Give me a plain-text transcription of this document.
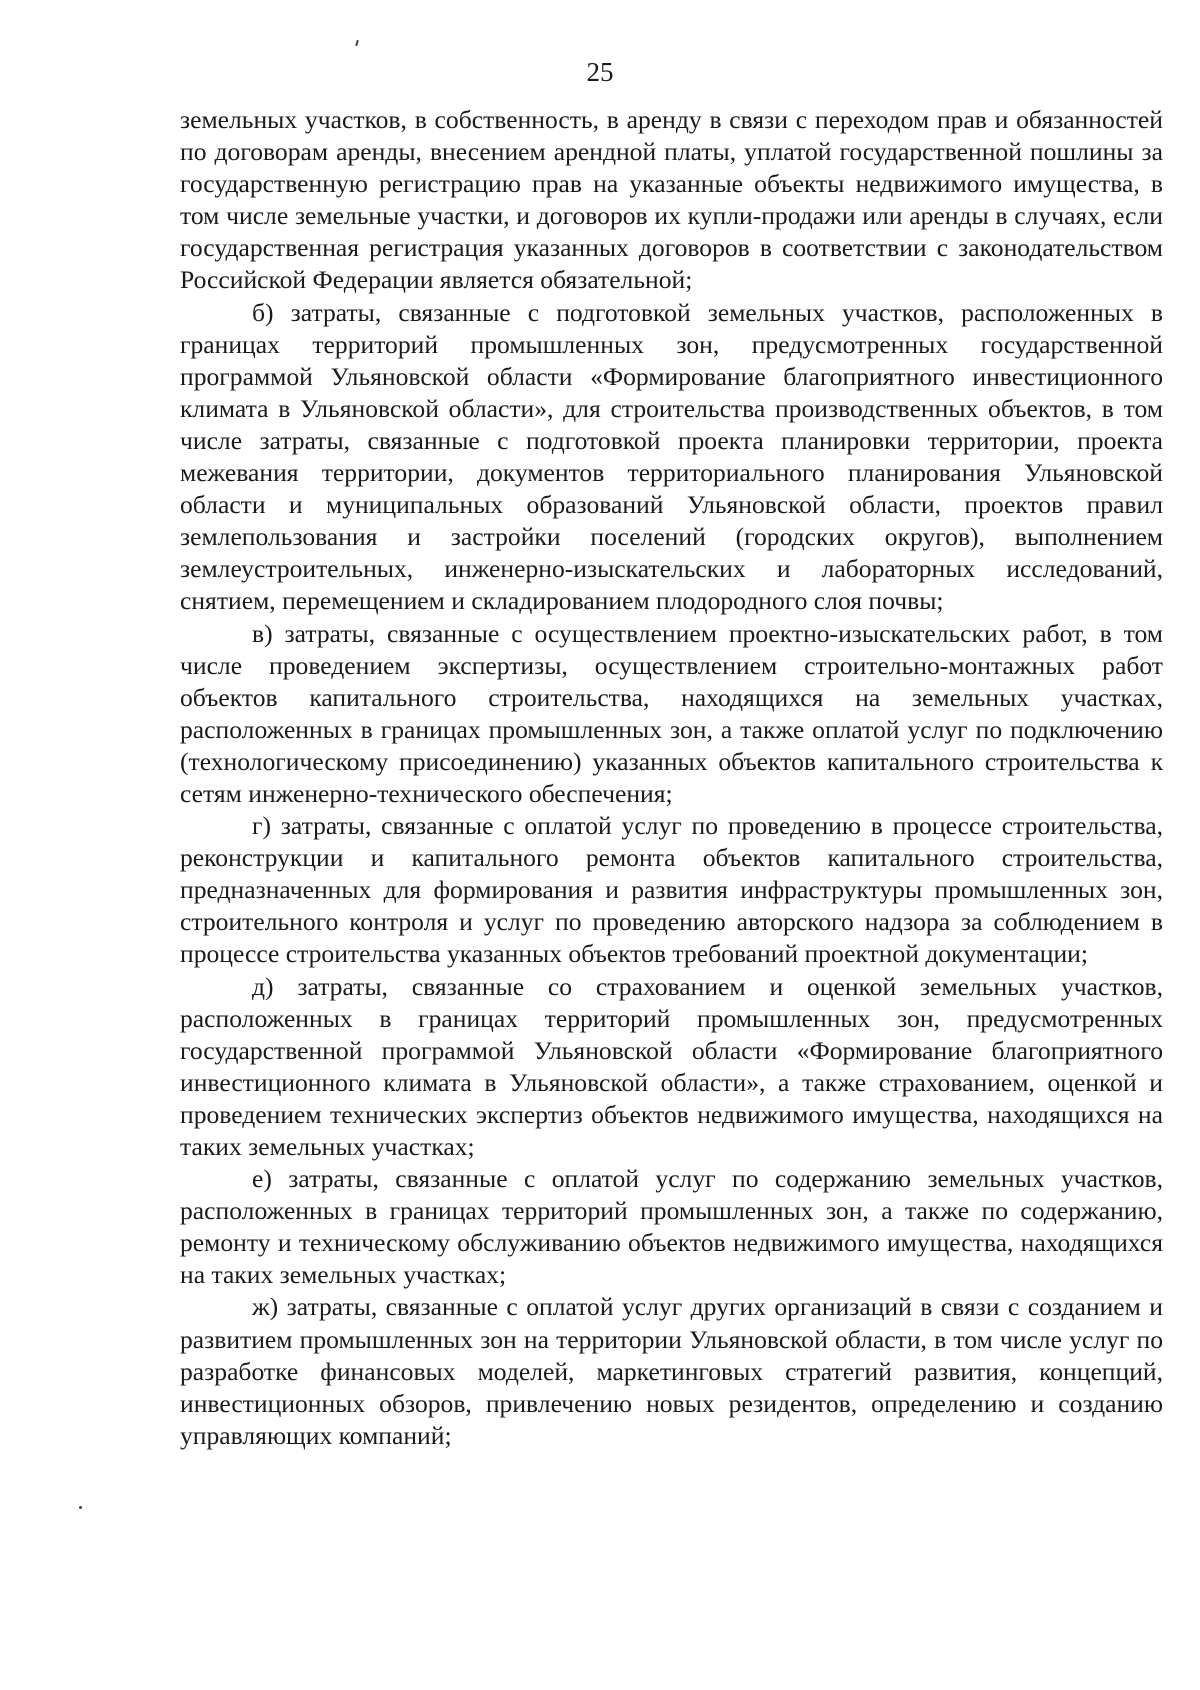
25

земельных участков, в собственность, в аренду в связи с переходом прав и обязанностей по договорам аренды, внесением арендной платы, уплатой государственной пошлины за государственную регистрацию прав на указанные объекты недвижимого имущества, в том числе земельные участки, и договоров их купли-продажи или аренды в случаях, если государственная регистрация указанных договоров в соответствии с законодательством Российской Федерации является обязательной;

б) затраты, связанные с подготовкой земельных участков, расположенных в границах территорий промышленных зон, предусмотренных государственной программой Ульяновской области «Формирование благоприятного инвестиционного климата в Ульяновской области», для строительства производственных объектов, в том числе затраты, связанные с подготовкой проекта планировки территории, проекта межевания территории, документов территориального планирования Ульяновской области и муниципальных образований Ульяновской области, проектов правил землепользования и застройки поселений (городских округов), выполнением землеустроительных, инженерно-изыскательских и лабораторных исследований, снятием, перемещением и складированием плодородного слоя почвы;

в) затраты, связанные с осуществлением проектно-изыскательских работ, в том числе проведением экспертизы, осуществлением строительно-монтажных работ объектов капитального строительства, находящихся на земельных участках, расположенных в границах промышленных зон, а также оплатой услуг по подключению (технологическому присоединению) указанных объектов капитального строительства к сетям инженерно-технического обеспечения;

г) затраты, связанные с оплатой услуг по проведению в процессе строительства, реконструкции и капитального ремонта объектов капитального строительства, предназначенных для формирования и развития инфраструктуры промышленных зон, строительного контроля и услуг по проведению авторского надзора за соблюдением в процессе строительства указанных объектов требований проектной документации;

д) затраты, связанные со страхованием и оценкой земельных участков, расположенных в границах территорий промышленных зон, предусмотренных государственной программой Ульяновской области «Формирование благоприятного инвестиционного климата в Ульяновской области», а также страхованием, оценкой и проведением технических экспертиз объектов недвижимого имущества, находящихся на таких земельных участках;

е) затраты, связанные с оплатой услуг по содержанию земельных участков, расположенных в границах территорий промышленных зон, а также по содержанию, ремонту и техническому обслуживанию объектов недвижимого имущества, находящихся на таких земельных участках;

ж) затраты, связанные с оплатой услуг других организаций в связи с созданием и развитием промышленных зон на территории Ульяновской области, в том числе услуг по разработке финансовых моделей, маркетинговых стратегий развития, концепций, инвестиционных обзоров, привлечению новых резидентов, определению и созданию управляющих компаний;
